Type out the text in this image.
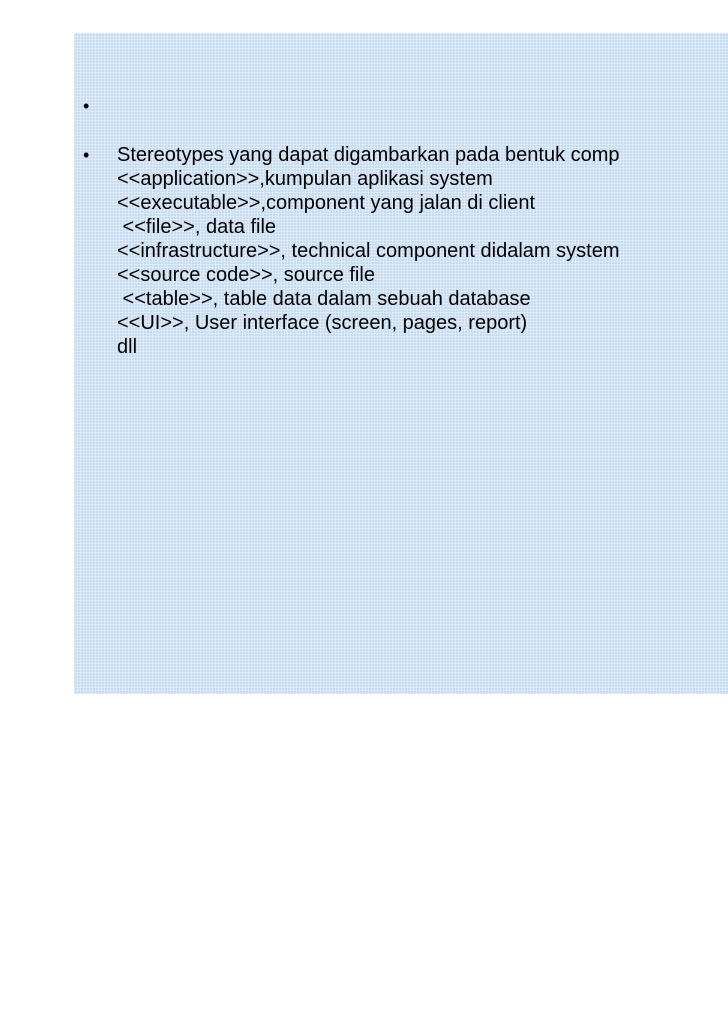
•
• Stereotypes yang dapat digambarkan pada bentuk comp
<<application>>,kumpulan aplikasi system
<<executable>>,component yang jalan di client
<<file>>, data file
<<infrastructure>>, technical component didalam system
<<source code>>, source file
<<table>>, table data dalam sebuah database
<<UI>>, User interface (screen, pages, report)
dll
